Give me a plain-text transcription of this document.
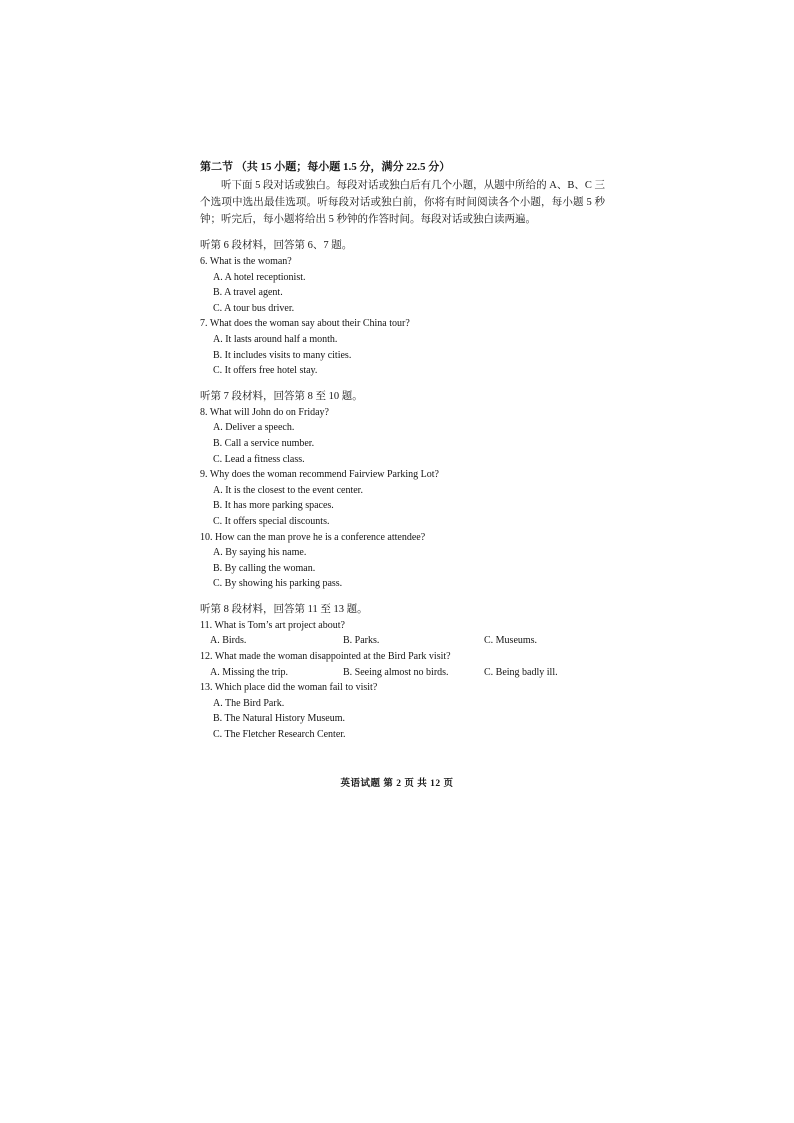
第二节 （共 15 小题；每小题 1.5 分，满分 22.5 分）

听下面 5 段对话或独白。每段对话或独白后有几个小题，从题中所给的 A、B、C 三个选项中选出最佳选项。听每段对话或独白前，你将有时间阅读各个小题，每小题 5 秒钟；听完后，每小题将给出 5 秒钟的作答时间。每段对话或独白读两遍。

听第 6 段材料，回答第 6、7 题。

6. What is the woman?

A. A hotel receptionist.

B. A travel agent.

C. A tour bus driver.

7. What does the woman say about their China tour?

A. It lasts around half a month.

B. It includes visits to many cities.

C. It offers free hotel stay.

听第 7 段材料，回答第 8 至 10 题。

8. What will John do on Friday?

A. Deliver a speech.

B. Call a service number.

C. Lead a fitness class.

9. Why does the woman recommend Fairview Parking Lot?

A. It is the closest to the event center.

B. It has more parking spaces.

C. It offers special discounts.

10. How can the man prove he is a conference attendee?

A. By saying his name.

B. By calling the woman.

C. By showing his parking pass.

听第 8 段材料，回答第 11 至 13 题。

11. What is Tom’s art project about?

A. Birds.	B. Parks.	C. Museums.

12. What made the woman disappointed at the Bird Park visit?

A. Missing the trip.	B. Seeing almost no birds.	C. Being badly ill.

13. Which place did the woman fail to visit?

A. The Bird Park.

B. The Natural History Museum.

C. The Fletcher Research Center.

英语试题 第 2 页 共 12 页
